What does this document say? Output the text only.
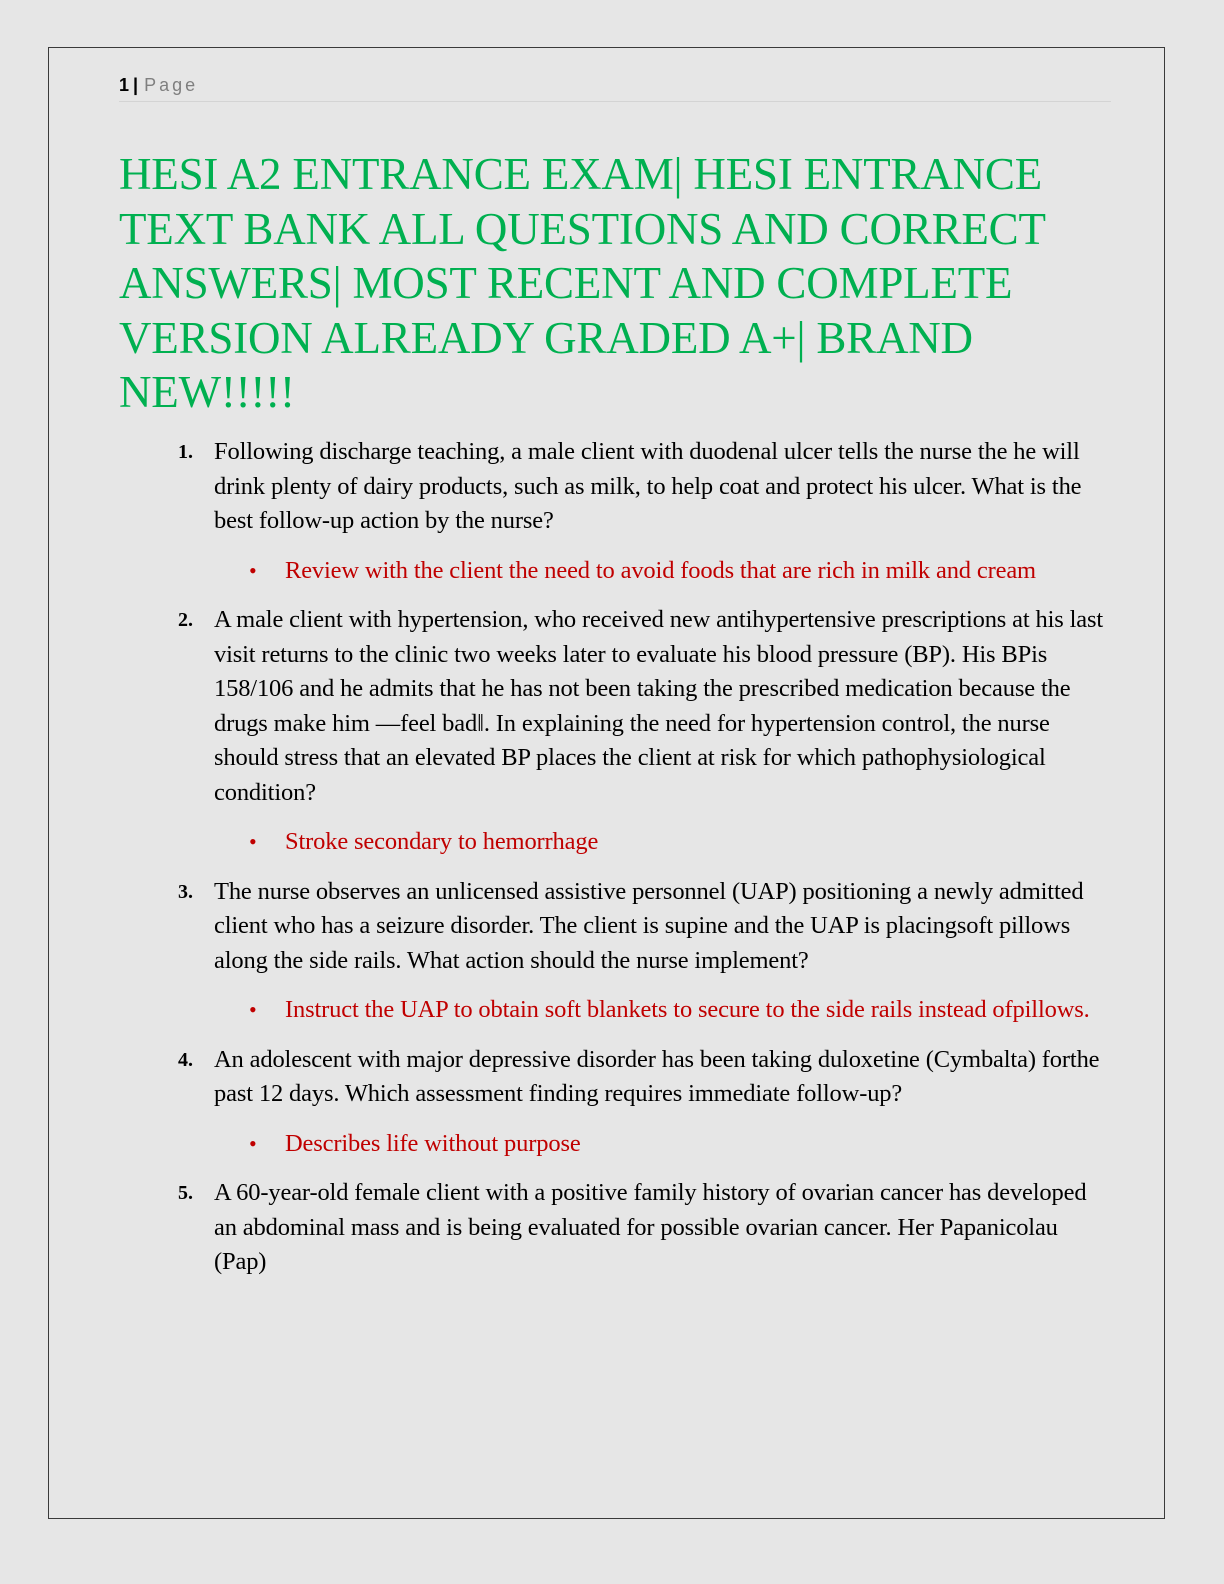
1 | Page
HESI A2 ENTRANCE EXAM| HESI ENTRANCE TEXT BANK ALL QUESTIONS AND CORRECT ANSWERS| MOST RECENT AND COMPLETE VERSION ALREADY GRADED A+| BRAND NEW!!!!!
1. Following discharge teaching, a male client with duodenal ulcer tells the nurse the he will drink plenty of dairy products, such as milk, to help coat and protect his ulcer. What is the best follow-up action by the nurse?
• Review with the client the need to avoid foods that are rich in milk and cream
2. A male client with hypertension, who received new antihypertensive prescriptions at his last visit returns to the clinic two weeks later to evaluate his blood pressure (BP). His BPis 158/106 and he admits that he has not been taking the prescribed medication because the drugs make him —feel bad‖. In explaining the need for hypertension control, the nurse should stress that an elevated BP places the client at risk for which pathophysiological condition?
• Stroke secondary to hemorrhage
3. The nurse observes an unlicensed assistive personnel (UAP) positioning a newly admitted client who has a seizure disorder. The client is supine and the UAP is placingsoft pillows along the side rails. What action should the nurse implement?
• Instruct the UAP to obtain soft blankets to secure to the side rails instead ofpillows.
4. An adolescent with major depressive disorder has been taking duloxetine (Cymbalta) forthe past 12 days. Which assessment finding requires immediate follow-up?
• Describes life without purpose
5. A 60-year-old female client with a positive family history of ovarian cancer has developed an abdominal mass and is being evaluated for possible ovarian cancer. Her Papanicolau (Pap)
